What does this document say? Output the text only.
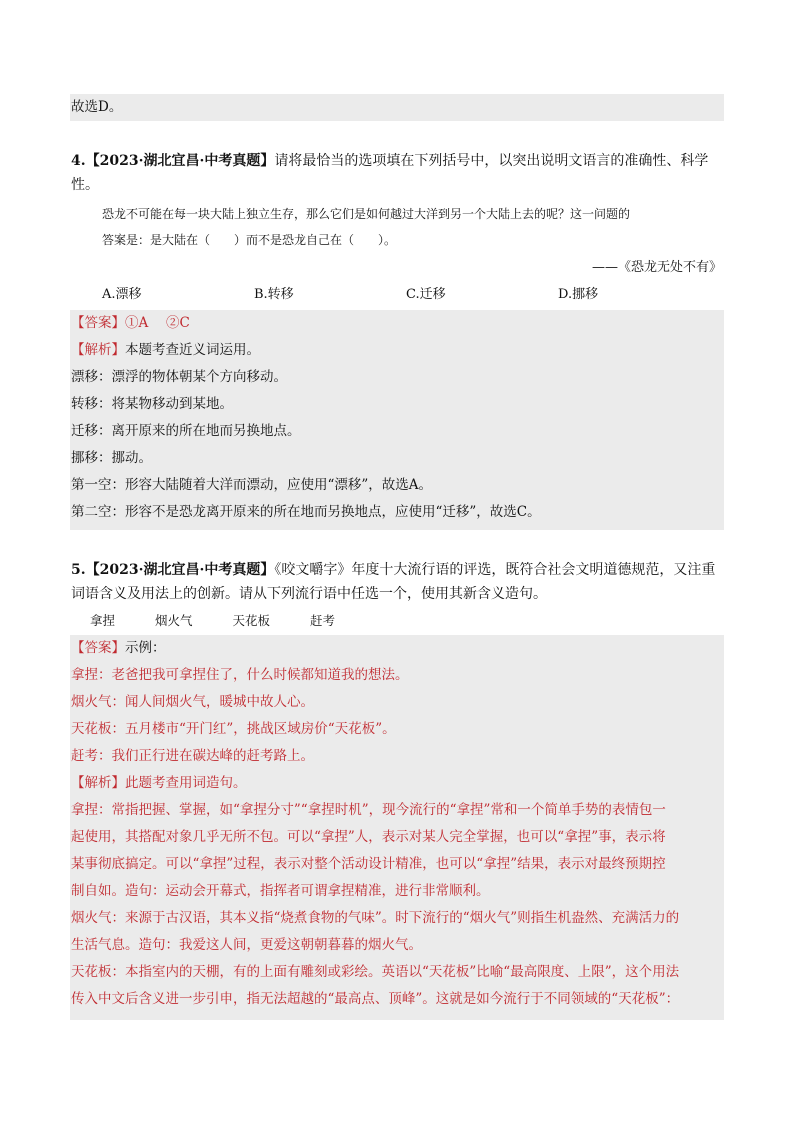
故选D。
4.【2023·湖北宜昌·中考真题】请将最恰当的选项填在下列括号中，以突出说明文语言的准确性、科学
性。
恐龙不可能在每一块大陆上独立生存，那么它们是如何越过大洋到另一个大陆上去的呢？这一问题的
答案是：是大陆在（　　）而不是恐龙自己在（　　）。
——《恐龙无处不有》
A.漂移	B.转移	C.迁移	D.挪移
【答案】①A　 ②C
【解析】本题考查近义词运用。
漂移：漂浮的物体朝某个方向移动。
转移：将某物移动到某地。
迁移：离开原来的所在地而另换地点。
挪移：挪动。
第一空：形容大陆随着大洋而漂动，应使用“漂移”，故选A。
第二空：形容不是恐龙离开原来的所在地而另换地点，应使用“迁移”，故选C。
5.【2023·湖北宜昌·中考真题】《咬文嚼字》年度十大流行语的评选，既符合社会文明道德规范，又注重
词语含义及用法上的创新。请从下列流行语中任选一个，使用其新含义造句。
拿捏	烟火气	天花板	赶考
【答案】示例：
拿捏：老爸把我可拿捏住了，什么时候都知道我的想法。
烟火气：闻人间烟火气，暖城中故人心。
天花板：五月楼市“开门红”，挑战区域房价“天花板”。
赶考：我们正行进在碳达峰的赶考路上。
【解析】此题考查用词造句。
拿捏：常指把握、掌握，如“拿捏分寸”“拿捏时机”，现今流行的“拿捏”常和一个简单手势的表情包一
起使用，其搭配对象几乎无所不包。可以“拿捏”人，表示对某人完全掌握，也可以“拿捏”事，表示将
某事彻底搞定。可以“拿捏”过程，表示对整个活动设计精准，也可以“拿捏”结果，表示对最终预期控
制自如。造句：运动会开幕式，指挥者可谓拿捏精准，进行非常顺利。
烟火气：来源于古汉语，其本义指“烧煮食物的气味”。时下流行的“烟火气”则指生机盎然、充满活力的
生活气息。造句：我爱这人间，更爱这朝朝暮暮的烟火气。
天花板：本指室内的天棚，有的上面有雕刻或彩绘。英语以“天花板”比喻“最高限度、上限”，这个用法
传入中文后含义进一步引申，指无法超越的“最高点、顶峰”。这就是如今流行于不同领域的“天花板”：
